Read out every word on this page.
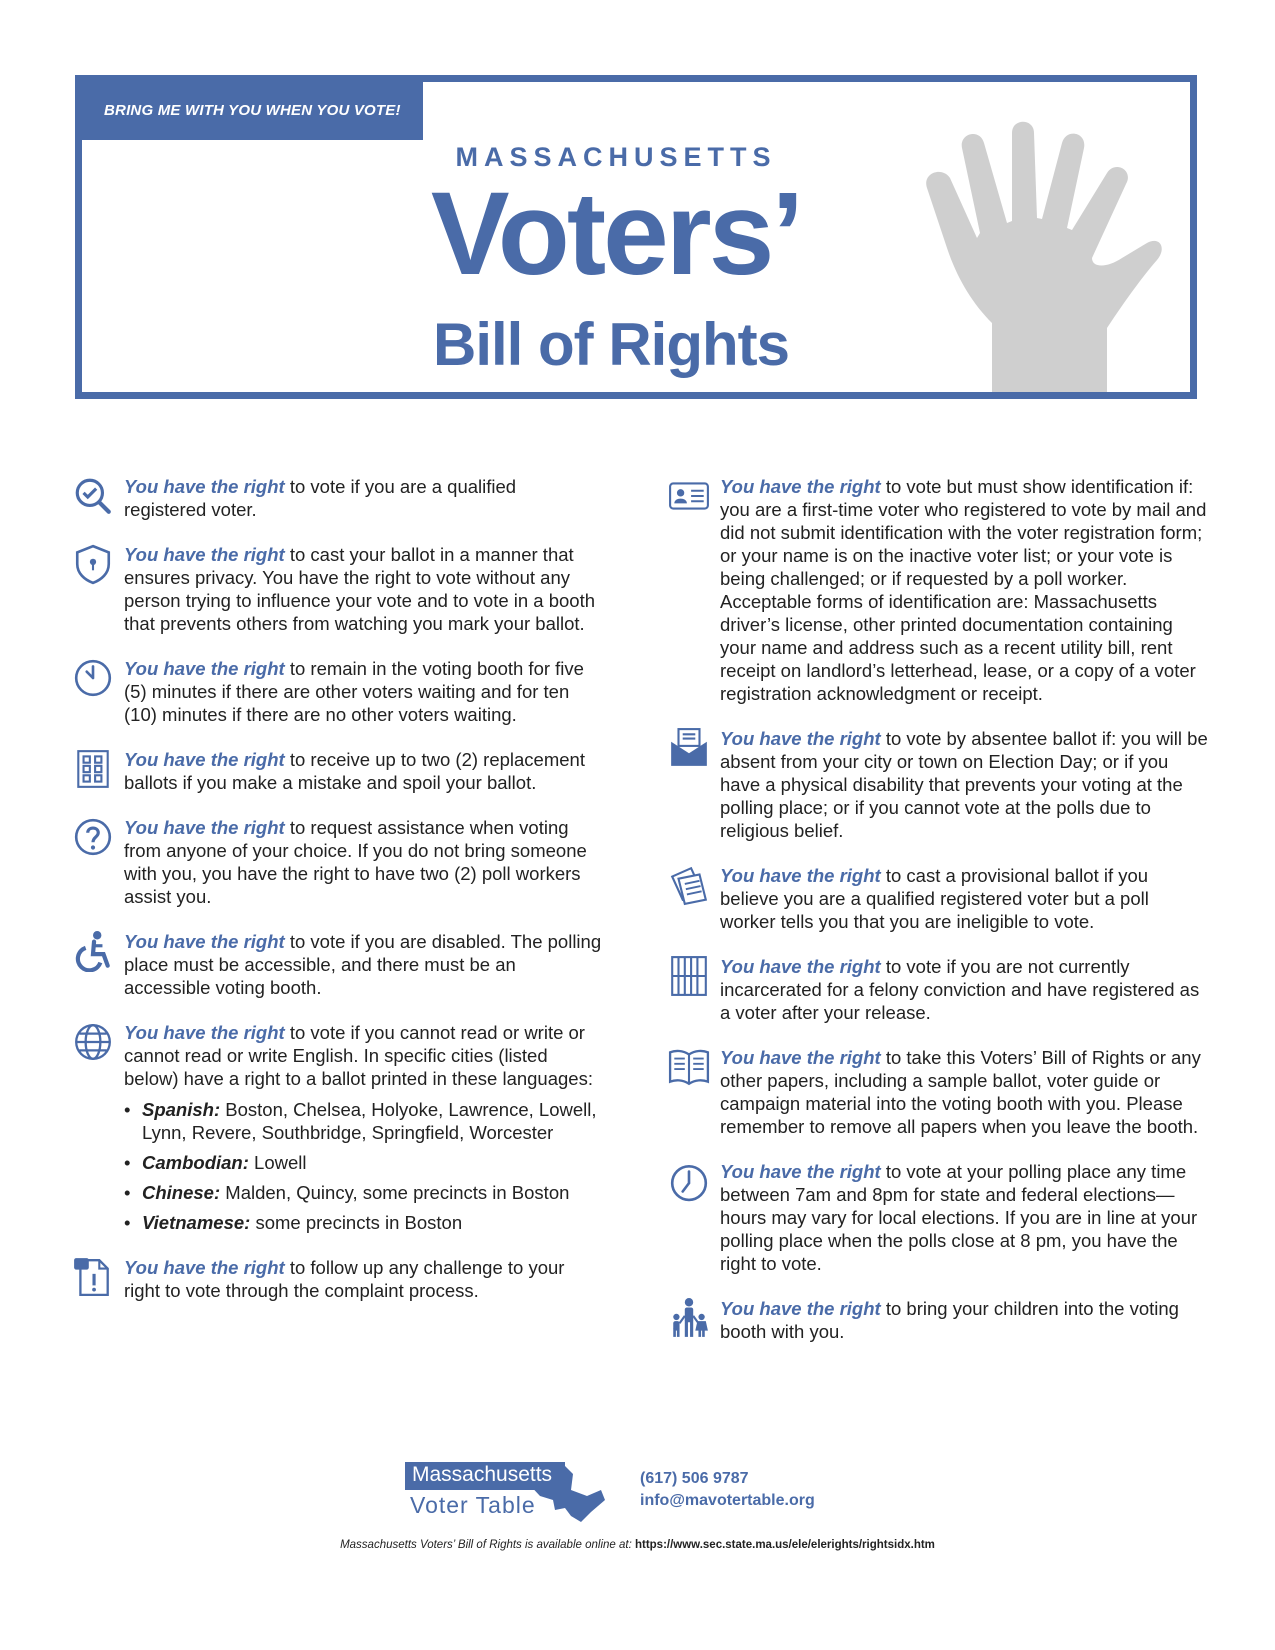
BRING ME WITH YOU WHEN YOU VOTE!
MASSACHUSETTS
Voters’
Bill of Rights
You have the right to vote if you are a qualified registered voter.
You have the right to cast your ballot in a manner that ensures privacy. You have the right to vote without any person trying to influence your vote and to vote in a booth that prevents others from watching you mark your ballot.
You have the right to remain in the voting booth for five (5) minutes if there are other voters waiting and for ten (10) minutes if there are no other voters waiting.
You have the right to receive up to two (2) replacement ballots if you make a mistake and spoil your ballot.
You have the right to request assistance when voting from anyone of your choice. If you do not bring someone with you, you have the right to have two (2) poll workers assist you.
You have the right to vote if you are disabled. The polling place must be accessible, and there must be an accessible voting booth.
You have the right to vote if you cannot read or write or cannot read or write English. In specific cities (listed below) have a right to a ballot printed in these languages:
• Spanish: Boston, Chelsea, Holyoke, Lawrence, Lowell, Lynn, Revere, Southbridge, Springfield, Worcester
• Cambodian: Lowell
• Chinese: Malden, Quincy, some precincts in Boston
• Vietnamese: some precincts in Boston
You have the right to follow up any challenge to your right to vote through the complaint process.
You have the right to vote but must show identification if: you are a first-time voter who registered to vote by mail and did not submit identification with the voter registration form; or your name is on the inactive voter list; or your vote is being challenged; or if requested by a poll worker. Acceptable forms of identification are: Massachusetts driver’s license, other printed documentation containing your name and address such as a recent utility bill, rent receipt on landlord’s letterhead, lease, or a copy of a voter registration acknowledgment or receipt.
You have the right to vote by absentee ballot if: you will be absent from your city or town on Election Day; or if you have a physical disability that prevents your voting at the polling place; or if you cannot vote at the polls due to religious belief.
You have the right to cast a provisional ballot if you believe you are a qualified registered voter but a poll worker tells you that you are ineligible to vote.
You have the right to vote if you are not currently incarcerated for a felony conviction and have registered as a voter after your release.
You have the right to take this Voters’ Bill of Rights or any other papers, including a sample ballot, voter guide or campaign material into the voting booth with you. Please remember to remove all papers when you leave the booth.
You have the right to vote at your polling place any time between 7am and 8pm for state and federal elections—hours may vary for local elections. If you are in line at your polling place when the polls close at 8 pm, you have the right to vote.
You have the right to bring your children into the voting booth with you.
Massachusetts
Voter Table
(617) 506 9787
info@mavotertable.org
Massachusetts Voters’ Bill of Rights is available online at: https://www.sec.state.ma.us/ele/elerights/rightsidx.htm
